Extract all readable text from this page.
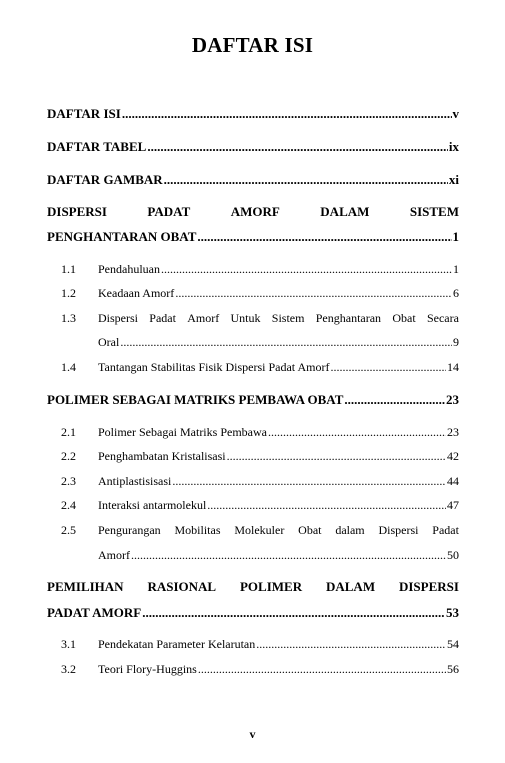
DAFTAR ISI
DAFTAR ISI .....	v
DAFTAR TABEL .....	ix
DAFTAR GAMBAR .....	xi
DISPERSI	PADAT	AMORF	DALAM	SISTEM
PENGHANTARAN OBAT .....	1
1.1 Pendahuluan .....	1
1.2 Keadaan Amorf .....	6
1.3 Dispersi Padat Amorf Untuk Sistem Penghantaran Obat Secara
Oral .....	9
1.4 Tantangan Stabilitas Fisik Dispersi Padat Amorf .....	14
POLIMER SEBAGAI MATRIKS PEMBAWA OBAT .....	23
2.1 Polimer Sebagai Matriks Pembawa .....	23
2.2 Penghambatan Kristalisasi .....	42
2.3 Antiplastisisasi .....	44
2.4 Interaksi antarmolekul .....	47
2.5 Pengurangan Mobilitas Molekuler Obat dalam Dispersi Padat
Amorf .....	50
PEMILIHAN RASIONAL POLIMER DALAM DISPERSI
PADAT AMORF .....	53
3.1 Pendekatan Parameter Kelarutan .....	54
3.2 Teori Flory-Huggins .....	56
v
